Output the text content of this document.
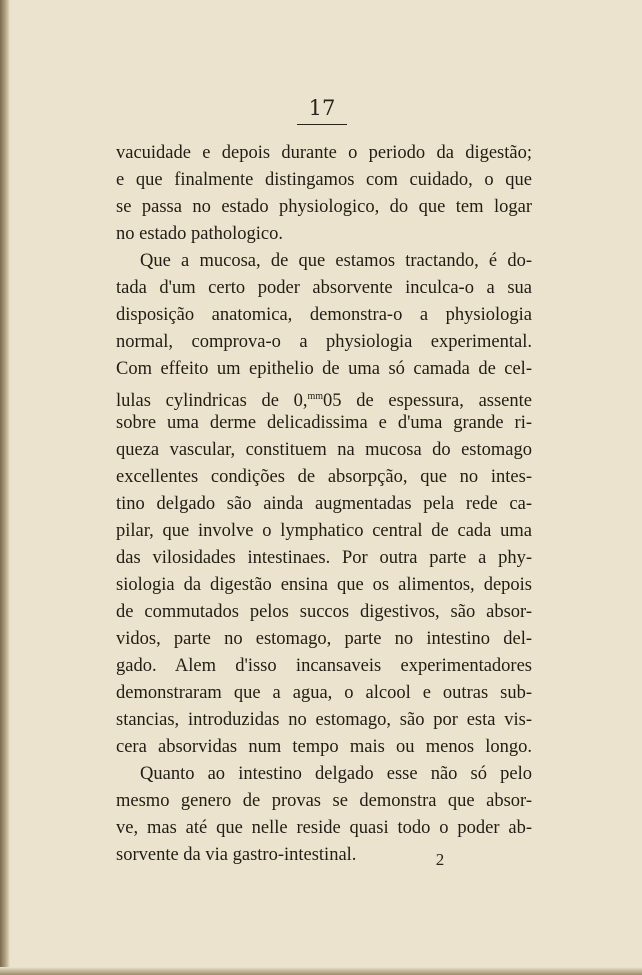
17
vacuidade e depois durante o periodo da digestão;
e que finalmente distingamos com cuidado, o que
se passa no estado physiologico, do que tem logar
no estado pathologico.
Que a mucosa, de que estamos tractando, é do-
tada d'um certo poder absorvente inculca-o a sua
disposição anatomica, demonstra-o a physiologia
normal, comprova-o a physiologia experimental.
Com effeito um epithelio de uma só camada de cel-
lulas cylindricas de 0,$^{mm}$05 de espessura, assente
sobre uma derme delicadissima e d'uma grande ri-
queza vascular, constituem na mucosa do estomago
excellentes condições de absorpção, que no intes-
tino delgado são ainda augmentadas pela rede ca-
pilar, que involve o lymphatico central de cada uma
das vilosidades intestinaes. Por outra parte a phy-
siologia da digestão ensina que os alimentos, depois
de commutados pelos succos digestivos, são absor-
vidos, parte no estomago, parte no intestino del-
gado. Alem d'isso incansaveis experimentadores
demonstraram que a agua, o alcool e outras sub-
stancias, introduzidas no estomago, são por esta vis-
cera absorvidas num tempo mais ou menos longo.
Quanto ao intestino delgado esse não só pelo
mesmo genero de provas se demonstra que absor-
ve, mas até que nelle reside quasi todo o poder ab-
sorvente da via gastro-intestinal.	2
